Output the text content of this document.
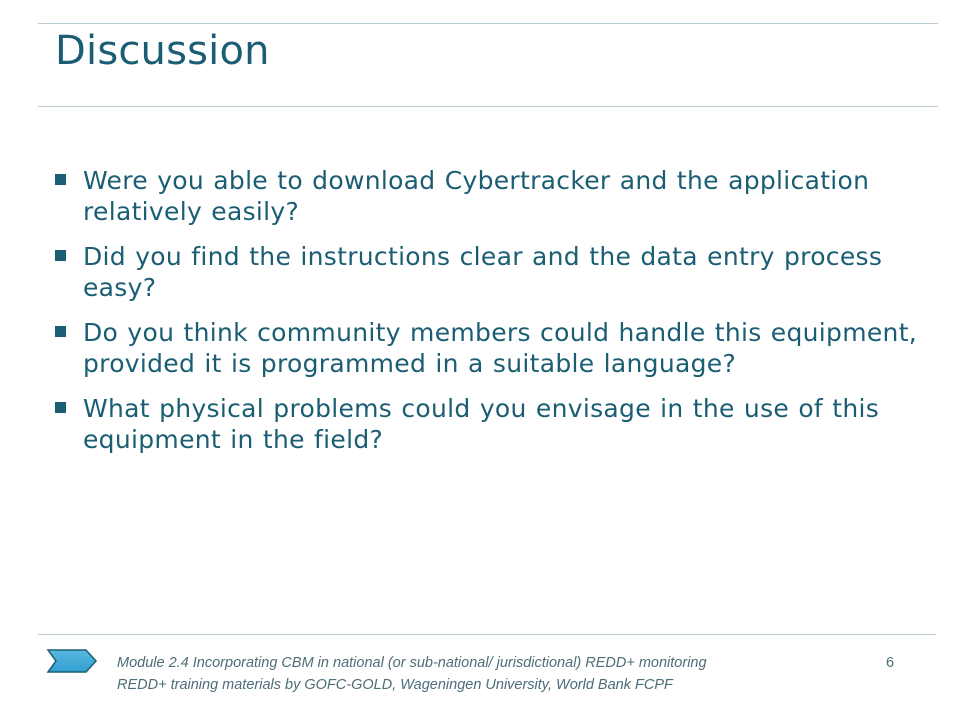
Discussion
Were you able to download Cybertracker and the application relatively easily?
Did you find the instructions clear and the data entry process easy?
Do you think community members could handle this equipment, provided it is programmed in a suitable language?
What physical problems could you envisage in the use of this equipment in the field?
Module 2.4 Incorporating CBM in national (or sub-national/ jurisdictional) REDD+ monitoring
REDD+ training materials by GOFC-GOLD, Wageningen University, World Bank FCPF
6
